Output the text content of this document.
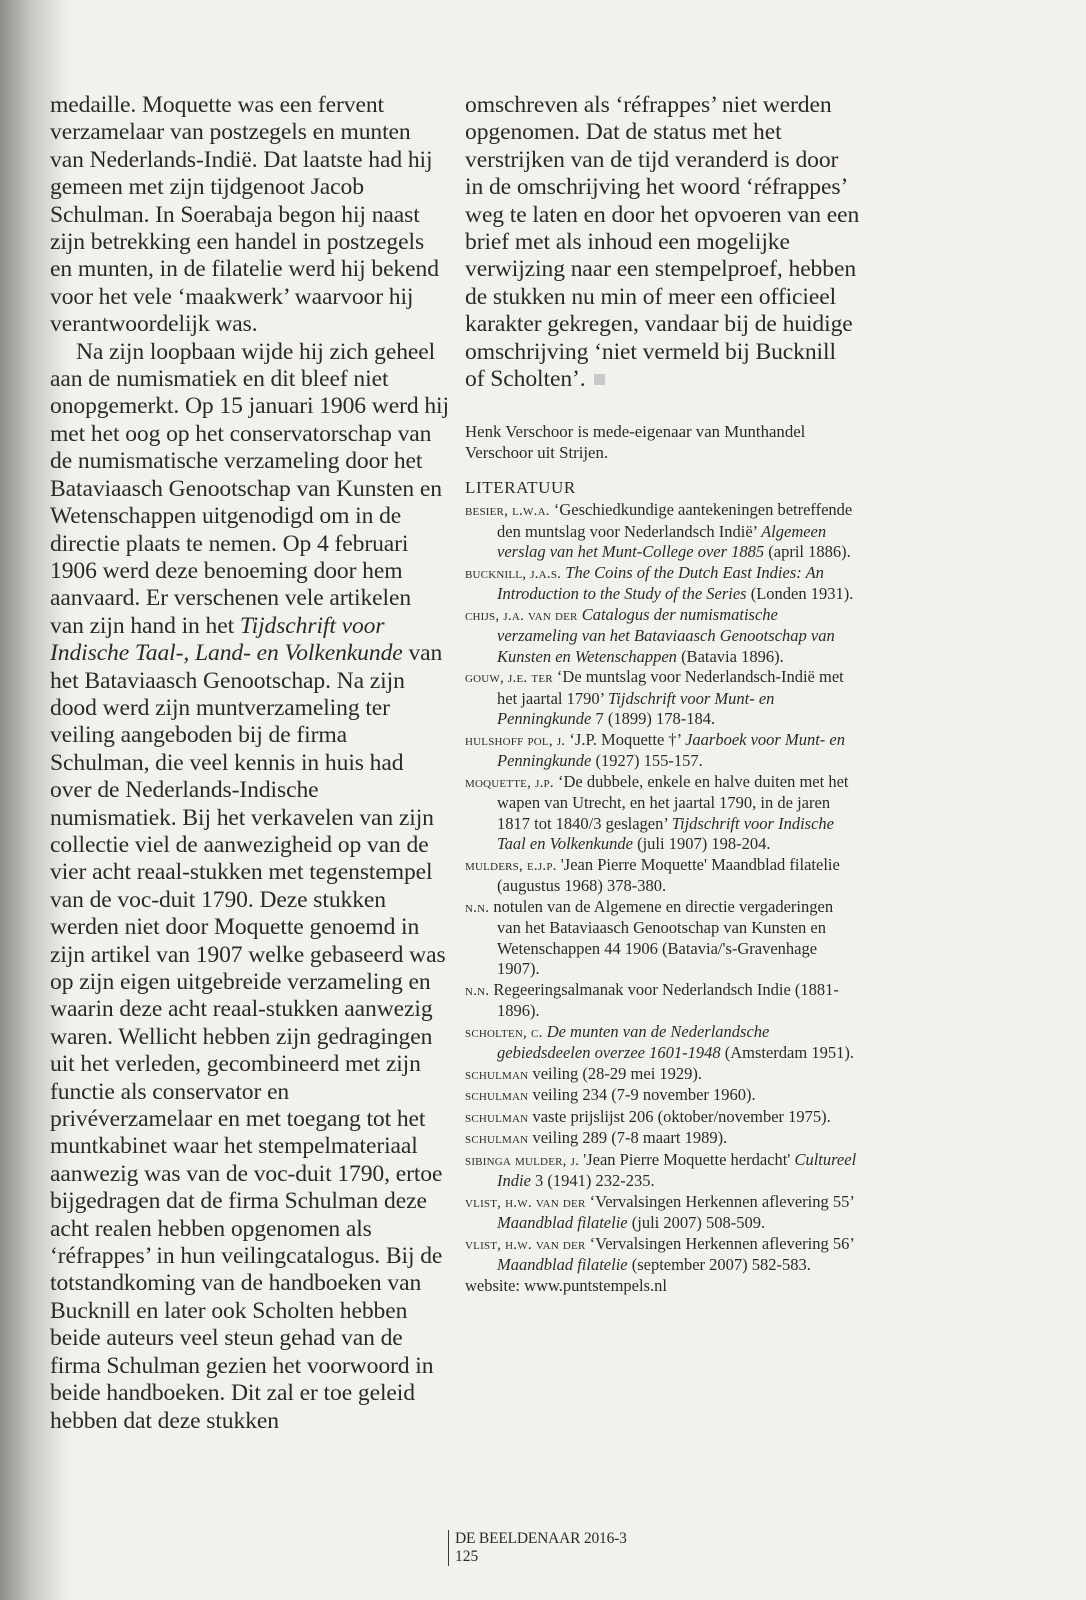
medaille. Moquette was een fervent verzamelaar van postzegels en munten van Nederlands-Indië. Dat laatste had hij gemeen met zijn tijdgenoot Jacob Schulman. In Soerabaja begon hij naast zijn betrekking een handel in postzegels en munten, in de filatelie werd hij bekend voor het vele ‘maakwerk’ waarvoor hij verantwoordelijk was.

Na zijn loopbaan wijde hij zich geheel aan de numismatiek en dit bleef niet onopgemerkt. Op 15 januari 1906 werd hij met het oog op het conservatorschap van de numismatische verzameling door het Bataviaasch Genootschap van Kunsten en Wetenschappen uitgenodigd om in de directie plaats te nemen. Op 4 februari 1906 werd deze benoeming door hem aanvaard. Er verschenen vele artikelen van zijn hand in het Tijdschrift voor Indische Taal-, Land- en Volkenkunde van het Bataviaasch Genootschap. Na zijn dood werd zijn muntverzameling ter veiling aangeboden bij de firma Schulman, die veel kennis in huis had over de Nederlands-Indische numismatiek. Bij het verkavelen van zijn collectie viel de aanwezigheid op van de vier acht reaal-stukken met tegenstempel van de voc-duit 1790. Deze stukken werden niet door Moquette genoemd in zijn artikel van 1907 welke gebaseerd was op zijn eigen uitgebreide verzameling en waarin deze acht reaal-stukken aanwezig waren. Wellicht hebben zijn gedragingen uit het verleden, gecombineerd met zijn functie als conservator en privéverzamelaar en met toegang tot het muntkabinet waar het stempelmateriaal aanwezig was van de voc-duit 1790, ertoe bijgedragen dat de firma Schulman deze acht realen hebben opgenomen als ‘réfrappes’ in hun veilingcatalogus. Bij de totstandkoming van de handboeken van Bucknill en later ook Scholten hebben beide auteurs veel steun gehad van de firma Schulman gezien het voorwoord in beide handboeken. Dit zal er toe geleid hebben dat deze stukken

omschreven als ‘réfrappes’ niet werden opgenomen. Dat de status met het verstrijken van de tijd veranderd is door in de omschrijving het woord ‘réfrappes’ weg te laten en door het opvoeren van een brief met als inhoud een mogelijke verwijzing naar een stempelproef, hebben de stukken nu min of meer een officieel karakter gekregen, vandaar bij de huidige omschrijving ‘niet vermeld bij Bucknill of Scholten’.

Henk Verschoor is mede-eigenaar van Munthandel Verschoor uit Strijen.

LITERATUUR

besier, l.w.a. ‘Geschiedkundige aantekeningen betreffende den muntslag voor Nederlandsch Indië’ Algemeen verslag van het Munt-College over 1885 (april 1886).
bucknill, j.a.s. The Coins of the Dutch East Indies: An Introduction to the Study of the Series (Londen 1931).
chijs, j.a. van der Catalogus der numismatische verzameling van het Bataviaasch Genootschap van Kunsten en Wetenschappen (Batavia 1896).
gouw, j.e. ter ‘De muntslag voor Nederlandsch-Indië met het jaartal 1790’ Tijdschrift voor Munt- en Penningkunde 7 (1899) 178-184.
hulshoff pol, j. ‘J.P. Moquette †’ Jaarboek voor Munt- en Penningkunde (1927) 155-157.
moquette, j.p. ‘De dubbele, enkele en halve duiten met het wapen van Utrecht, en het jaartal 1790, in de jaren 1817 tot 1840/3 geslagen’ Tijdschrift voor Indische Taal en Volkenkunde (juli 1907) 198-204.
mulders, e.j.p. 'Jean Pierre Moquette' Maandblad filatelie (augustus 1968) 378-380.
n.n. notulen van de Algemene en directie vergaderingen van het Bataviaasch Genootschap van Kunsten en Wetenschappen 44 1906 (Batavia/'s-Gravenhage 1907).
n.n. Regeeringsalmanak voor Nederlandsch Indie (1881-1896).
scholten, c. De munten van de Nederlandsche gebiedsdeelen overzee 1601-1948 (Amsterdam 1951).
schulman veiling (28-29 mei 1929).
schulman veiling 234 (7-9 november 1960).
schulman vaste prijslijst 206 (oktober/november 1975).
schulman veiling 289 (7-8 maart 1989).
sibinga mulder, j. 'Jean Pierre Moquette herdacht' Cultureel Indie 3 (1941) 232-235.
vlist, h.w. van der ‘Vervalsingen Herkennen aflevering 55’ Maandblad filatelie (juli 2007) 508-509.
vlist, h.w. van der ‘Vervalsingen Herkennen aflevering 56’ Maandblad filatelie (september 2007) 582-583.

website: www.puntstempels.nl

DE BEELDENAAR 2016-3
125
